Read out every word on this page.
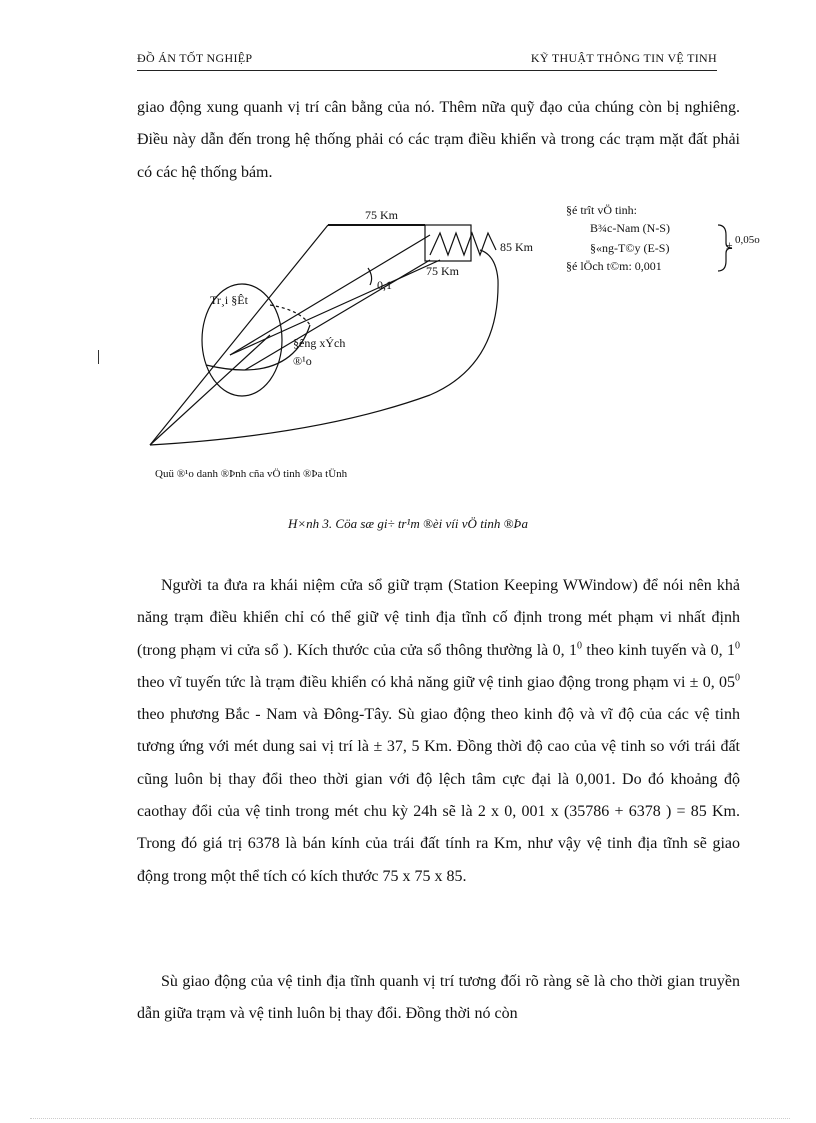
ĐỒ ÁN TỐT NGHIỆP	KỸ THUẬT THÔNG TIN VỆ TINH

giao động xung quanh vị trí cân bằng của nó. Thêm nữa quỹ đạo của chúng còn bị nghiêng. Điều này dẫn đến trong hệ thống phải có các trạm điều khiển và trong các trạm mặt đất phải có các hệ thống bám.

75 Km
85 Km
75 Km
0,1
Tr¸i §Êt
§êng xÝch
®¹o
§é trît vÖ tinh:
B¾c-Nam (N-S)
§«ng-T©y (E-S)
§é lÖch t©m: 0,001
± 0,05o
Quü ®¹o danh ®Þnh cña vÖ tinh ®Þa tÜnh
H×nh 3. Cöa sæ gi÷ tr¹m ®èi víi vÖ tinh ®Þa

Người ta đưa ra khái niệm cửa sổ giữ trạm (Station Keeping WWindow) để nói nên khả năng trạm điều khiển chỉ có thể giữ vệ tinh địa tĩnh cố định trong mét phạm vi nhất định (trong phạm vi cửa sổ ). Kích thước của cửa sổ thông thường là 0, $1^0$ theo kinh tuyến và 0, $1^0$ theo vĩ tuyến tức là trạm điều khiển có khả năng giữ vệ tinh giao động trong phạm vi ± 0, $05^0$ theo phương Bắc - Nam và Đông-Tây. Sù giao động theo kinh độ và vĩ độ của các vệ tinh tương ứng với mét dung sai vị trí là ± 37, 5 Km. Đồng thời độ cao của vệ tinh so với trái đất cũng luôn bị thay đổi theo thời gian với độ lệch tâm cực đại là 0,001. Do đó khoảng độ caothay đổi của vệ tinh trong mét chu kỳ 24h sẽ là 2 x 0, 001 x (35786 + 6378 ) = 85 Km. Trong đó giá trị 6378 là bán kính của trái đất tính ra Km, như vậy vệ tinh địa tĩnh sẽ giao động trong một thể tích có kích thước 75 x 75 x 85.

Sù giao động của vệ tinh địa tĩnh quanh vị trí tương đối rõ ràng sẽ là cho thời gian truyền dẫn giữa trạm và vệ tinh luôn bị thay đổi. Đồng thời nó còn
